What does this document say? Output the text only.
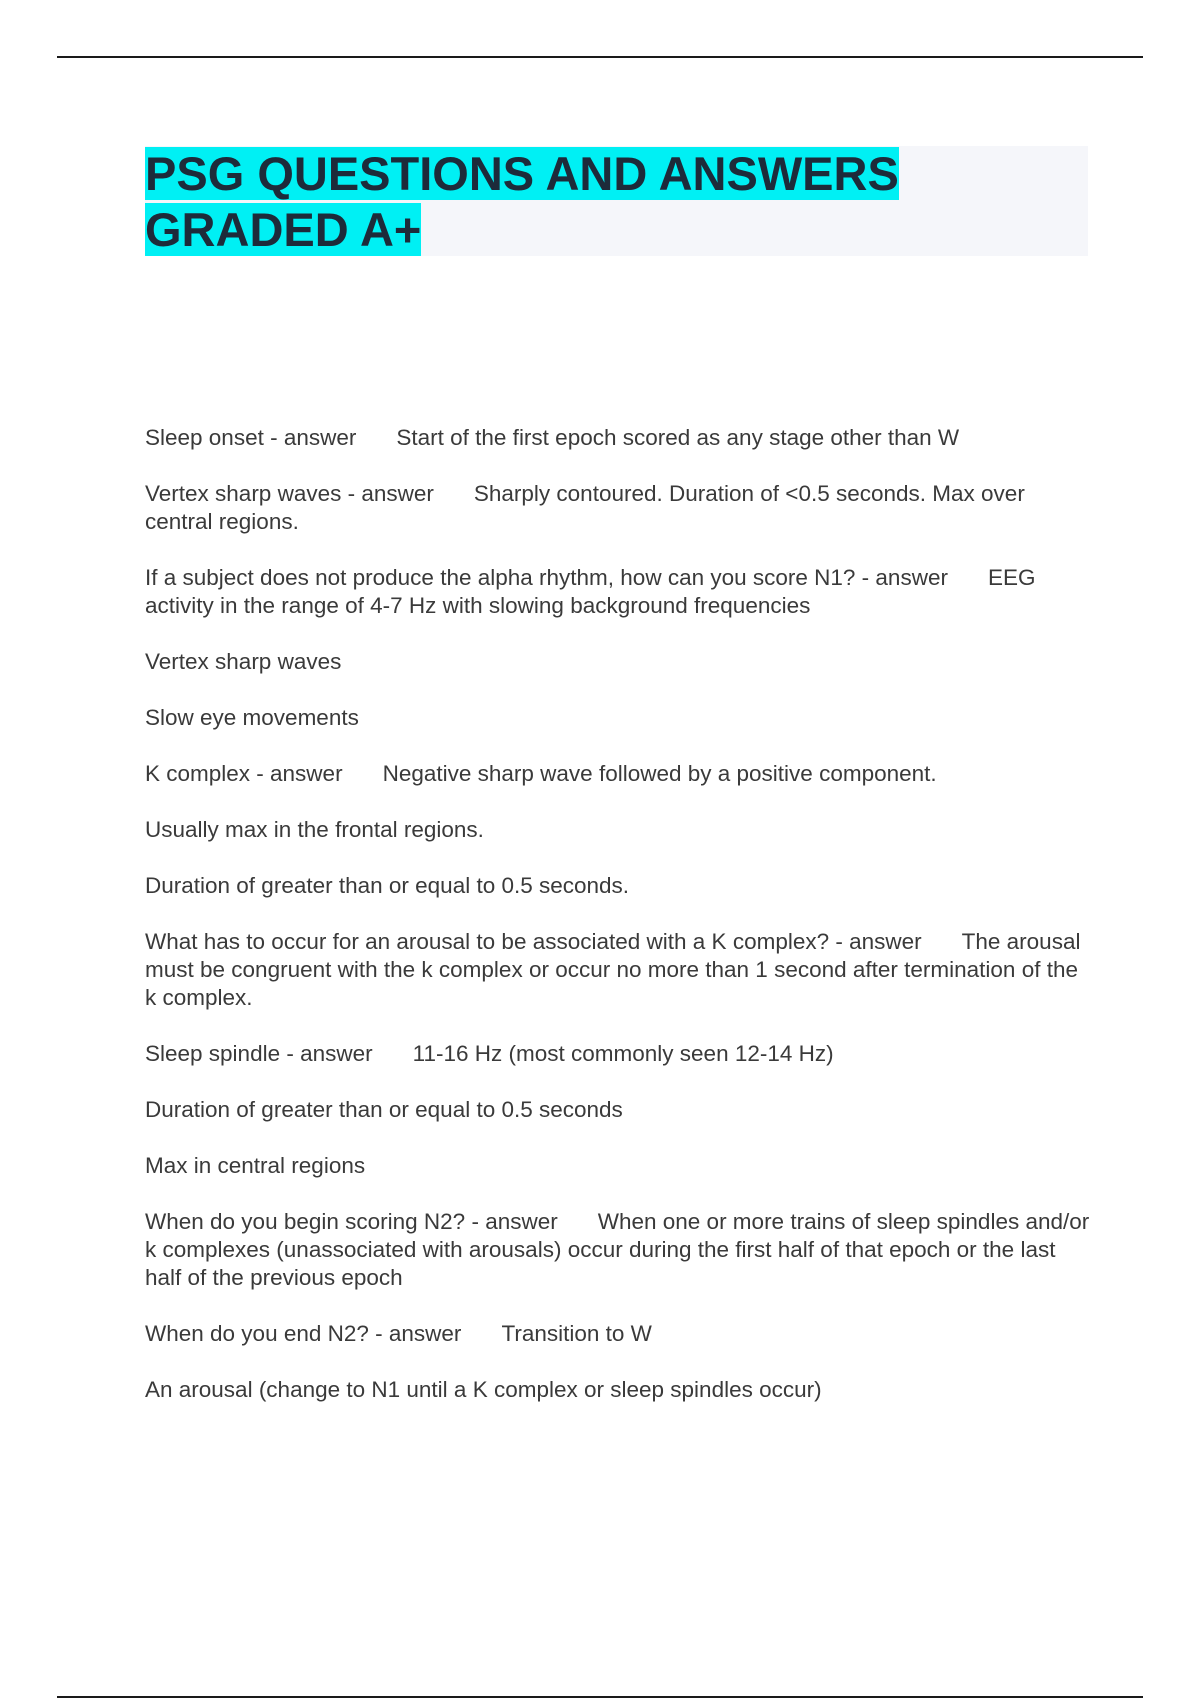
PSG QUESTIONS AND ANSWERS GRADED A+

Sleep onset - answer Start of the first epoch scored as any stage other than W

Vertex sharp waves - answer Sharply contoured. Duration of <0.5 seconds. Max over central regions.

If a subject does not produce the alpha rhythm, how can you score N1? - answer EEG activity in the range of 4-7 Hz with slowing background frequencies

Vertex sharp waves

Slow eye movements

K complex - answer Negative sharp wave followed by a positive component.

Usually max in the frontal regions.

Duration of greater than or equal to 0.5 seconds.

What has to occur for an arousal to be associated with a K complex? - answer The arousal must be congruent with the k complex or occur no more than 1 second after termination of the k complex.

Sleep spindle - answer 11-16 Hz (most commonly seen 12-14 Hz)

Duration of greater than or equal to 0.5 seconds

Max in central regions

When do you begin scoring N2? - answer When one or more trains of sleep spindles and/or k complexes (unassociated with arousals) occur during the first half of that epoch or the last half of the previous epoch

When do you end N2? - answer Transition to W

An arousal (change to N1 until a K complex or sleep spindles occur)
